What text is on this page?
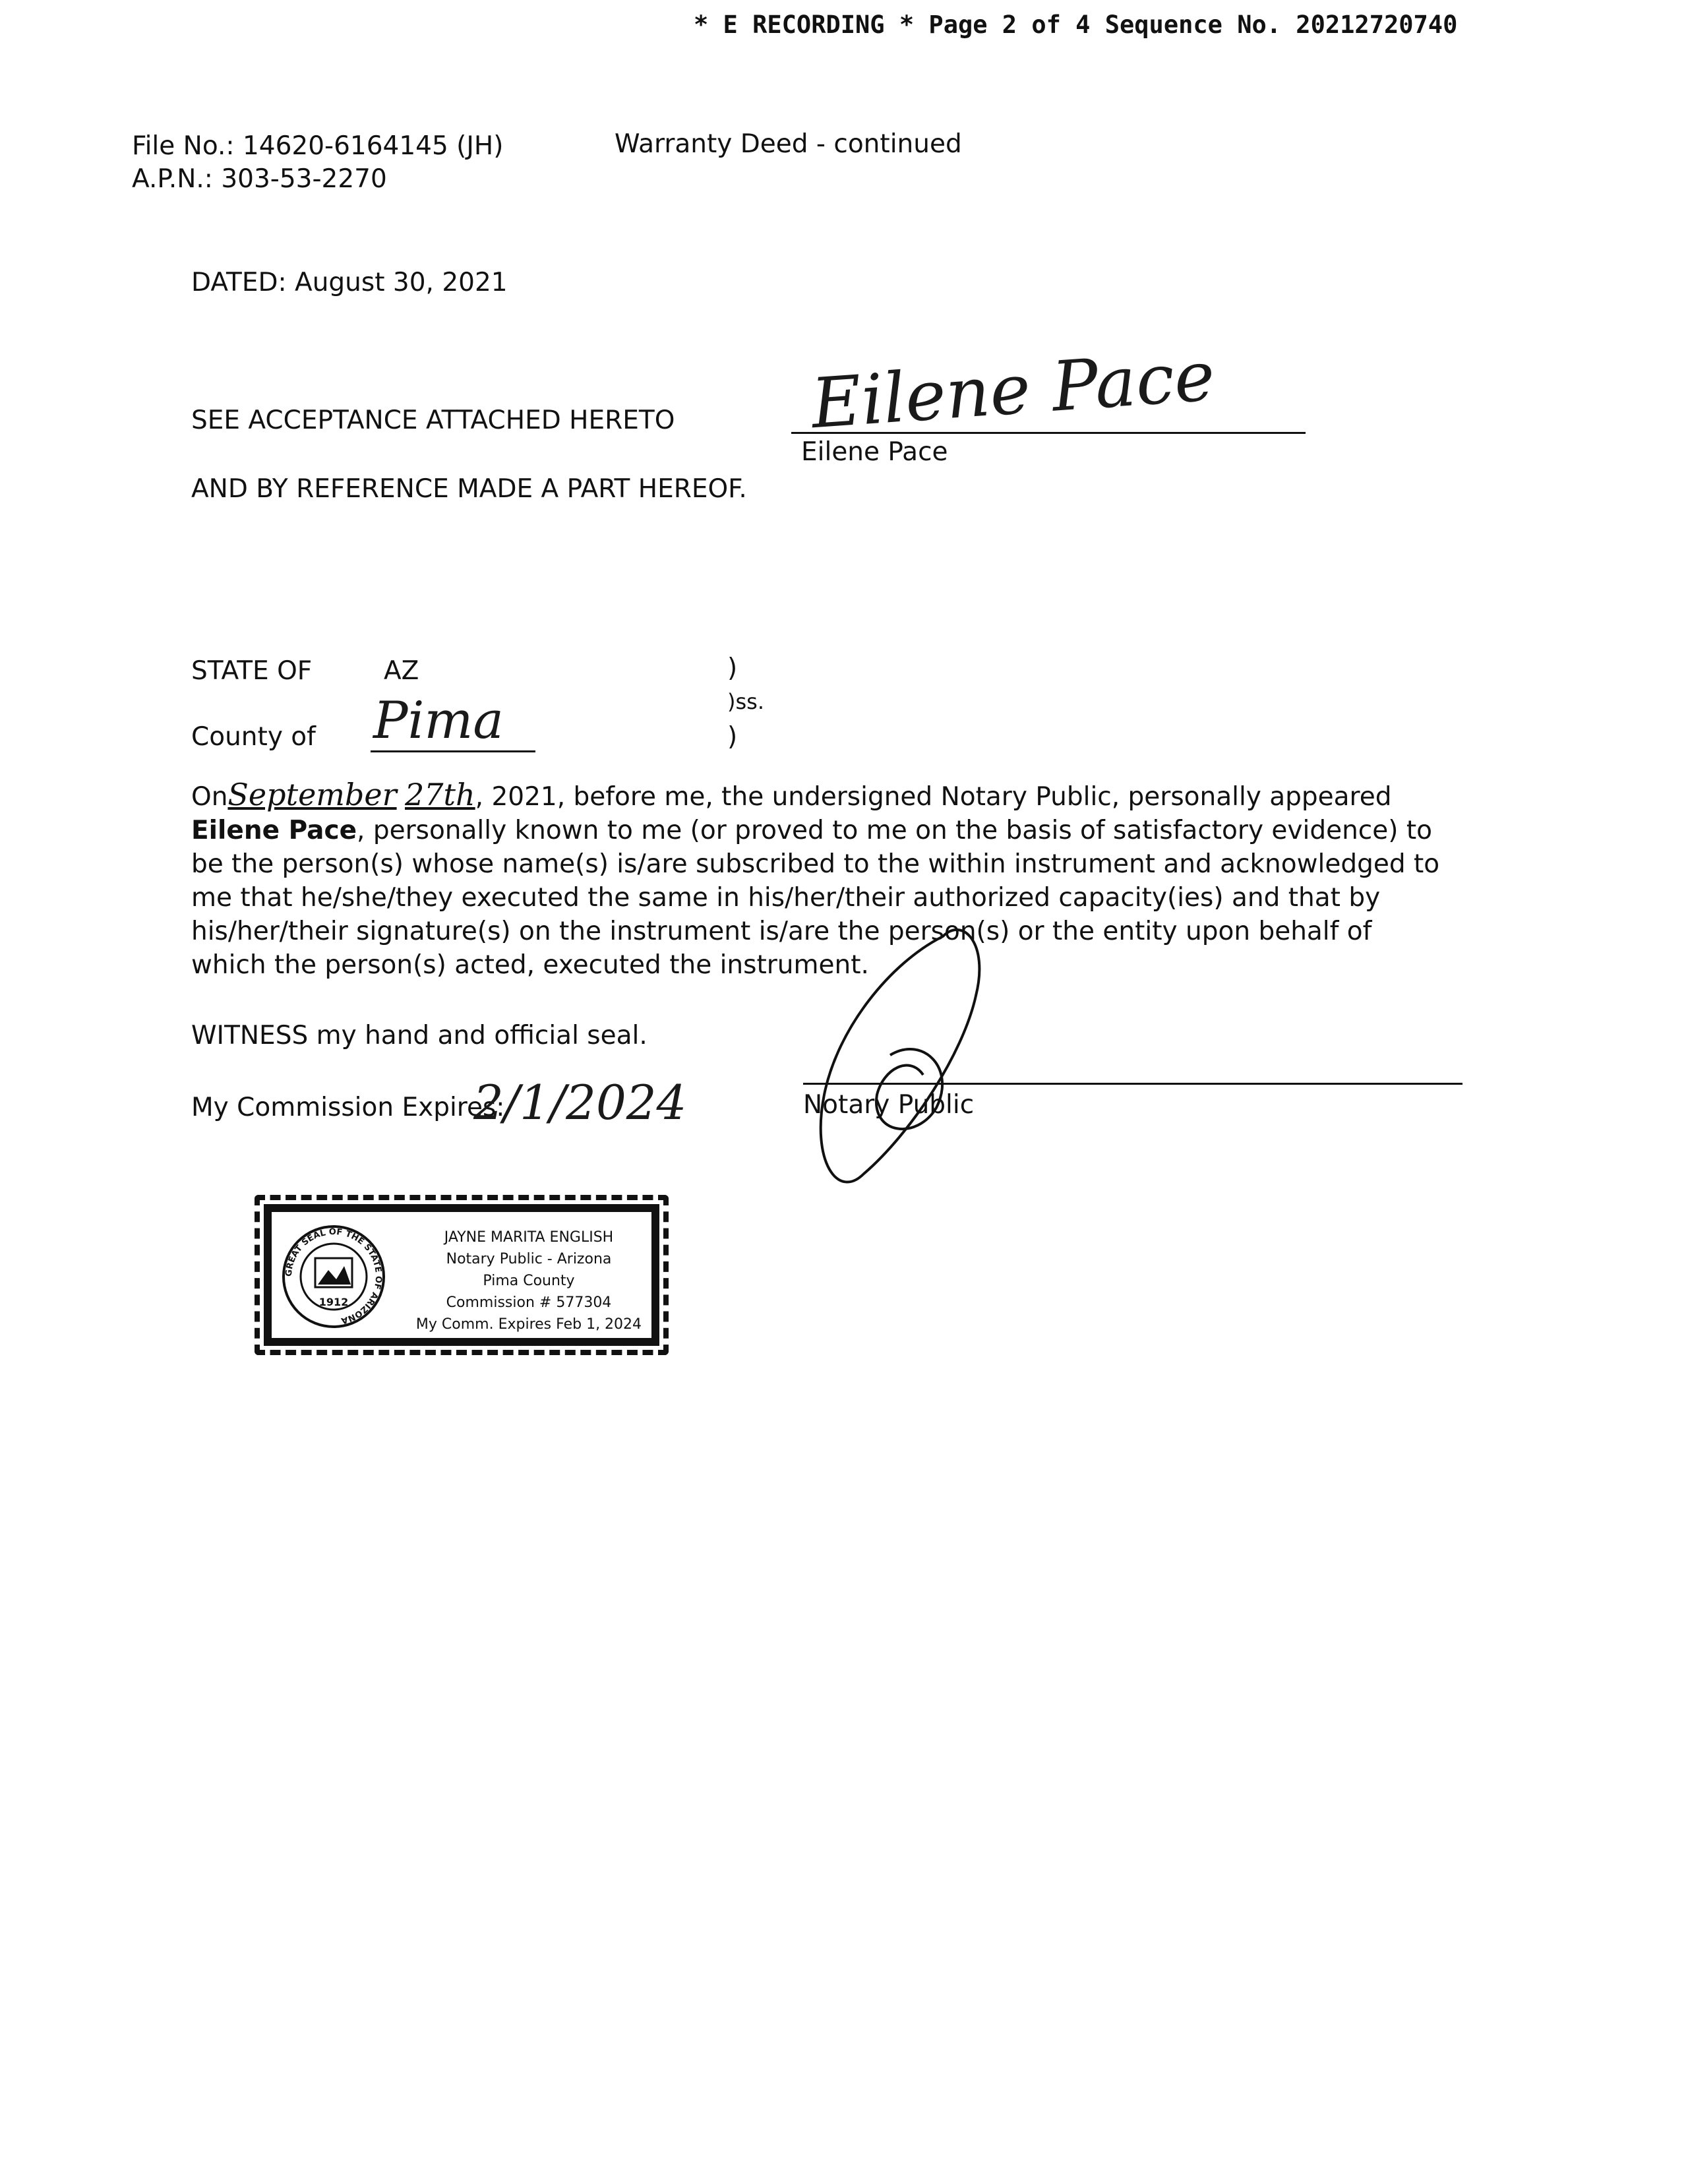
* E RECORDING * Page 2 of 4 Sequence No. 20212720740
File No.: 14620-6164145 (JH)
A.P.N.: 303-53-2270
Warranty Deed - continued
DATED: August 30, 2021
SEE ACCEPTANCE ATTACHED HERETO
AND BY REFERENCE MADE A PART HEREOF.
Eilene Pace
Eilene Pace
STATE OF	AZ
County of Pima
)
)ss.
)
OnSeptember 27th, 2021, before me, the undersigned Notary Public, personally appeared Eilene Pace, personally known to me (or proved to me on the basis of satisfactory evidence) to be the person(s) whose name(s) is/are subscribed to the within instrument and acknowledged to me that he/she/they executed the same in his/her/their authorized capacity(ies) and that by his/her/their signature(s) on the instrument is/are the person(s) or the entity upon behalf of which the person(s) acted, executed the instrument.
WITNESS my hand and official seal.
My Commission Expires:
2/1/2024	Notary Public
GREAT SEAL OF THE STATE OF ARIZONA
1912
JAYNE MARITA ENGLISH
Notary Public - Arizona
Pima County
Commission # 577304
My Comm. Expires Feb 1, 2024
